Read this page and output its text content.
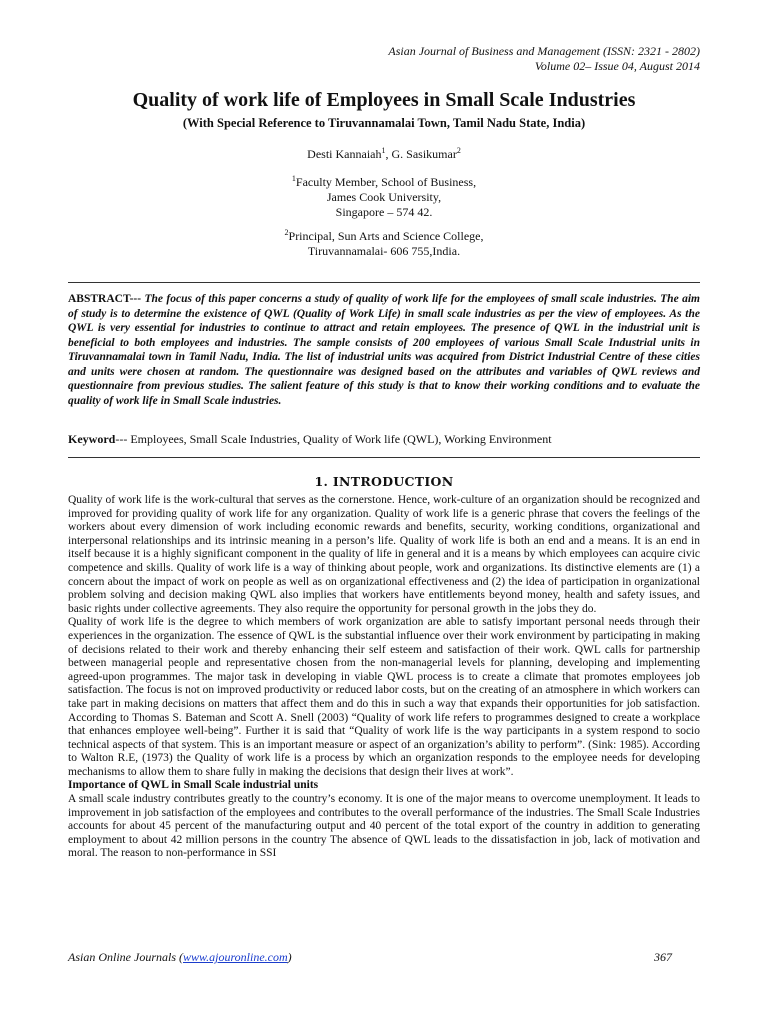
Asian Journal of Business and Management (ISSN: 2321 - 2802)
Volume 02– Issue 04, August 2014
Quality of work life of Employees in Small Scale Industries
(With Special Reference to Tiruvannamalai Town, Tamil Nadu State, India)
Desti Kannaiah$^1$, G. Sasikumar$^2$
$^1$Faculty Member, School of Business,
James Cook University,
Singapore – 574 42.
$^2$Principal, Sun Arts and Science College,
Tiruvannamalai- 606 755,India.
ABSTRACT--- The focus of this paper concerns a study of quality of work life for the employees of small scale industries. The aim of study is to determine the existence of QWL (Quality of Work Life) in small scale industries as per the view of employees. As the QWL is very essential for industries to continue to attract and retain employees. The presence of QWL in the industrial unit is beneficial to both employees and industries. The sample consists of 200 employees of various Small Scale Industrial units in Tiruvannamalai town in Tamil Nadu, India. The list of industrial units was acquired from District Industrial Centre of these cities and units were chosen at random. The questionnaire was designed based on the attributes and variables of QWL reviews and questionnaire from previous studies. The salient feature of this study is that to know their working conditions and to evaluate the quality of work life in Small Scale industries.
Keyword--- Employees, Small Scale Industries, Quality of Work life (QWL), Working Environment
1. INTRODUCTION

Quality of work life is the work-cultural that serves as the cornerstone. Hence, work-culture of an organization should be recognized and improved for providing quality of work life for any organization. Quality of work life is a generic phrase that covers the feelings of the workers about every dimension of work including economic rewards and benefits, security, working conditions, organizational and interpersonal relationships and its intrinsic meaning in a person’s life. Quality of work life is both an end and a means. It is an end in itself because it is a highly significant component in the quality of life in general and it is a means by which employees can acquire civic competence and skills. Quality of work life is a way of thinking about people, work and organizations. Its distinctive elements are (1) a concern about the impact of work on people as well as on organizational effectiveness and (2) the idea of participation in organizational problem solving and decision making QWL also implies that workers have entitlements beyond money, health and safety issues, and basic rights under collective agreements. They also require the opportunity for personal growth in the jobs they do.

Quality of work life is the degree to which members of work organization are able to satisfy important personal needs through their experiences in the organization. The essence of QWL is the substantial influence over their work environment by participating in making of decisions related to their work and thereby enhancing their self esteem and satisfaction of their work. QWL calls for partnership between managerial people and representative chosen from the non-managerial levels for planning, developing and implementing agreed-upon programmes. The major task in developing in viable QWL process is to create a climate that promotes employees job satisfaction. The focus is not on improved productivity or reduced labor costs, but on the creating of an atmosphere in which workers can take part in making decisions on matters that affect them and do this in such a way that expands their opportunities for job satisfaction. According to Thomas S. Bateman and Scott A. Snell (2003) “Quality of work life refers to programmes designed to create a workplace that enhances employee well-being”. Further it is said that “Quality of work life is the way participants in a system respond to socio technical aspects of that system. This is an important measure or aspect of an organization’s ability to perform”. (Sink: 1985). According to Walton R.E, (1973) the Quality of work life is a process by which an organization responds to the employee needs for developing mechanisms to allow them to share fully in making the decisions that design their lives at work”.

Importance of QWL in Small Scale industrial units

A small scale industry contributes greatly to the country’s economy. It is one of the major means to overcome unemployment. It leads to improvement in job satisfaction of the employees and contributes to the overall performance of the industries. The Small Scale Industries accounts for about 45 percent of the manufacturing output and 40 percent of the total export of the country in addition to generating employment to about 42 million persons in the country The absence of QWL leads to the dissatisfaction in job, lack of motivation and moral. The reason to non-performance in SSI

Asian Online Journals (www.ajouronline.com)	367
